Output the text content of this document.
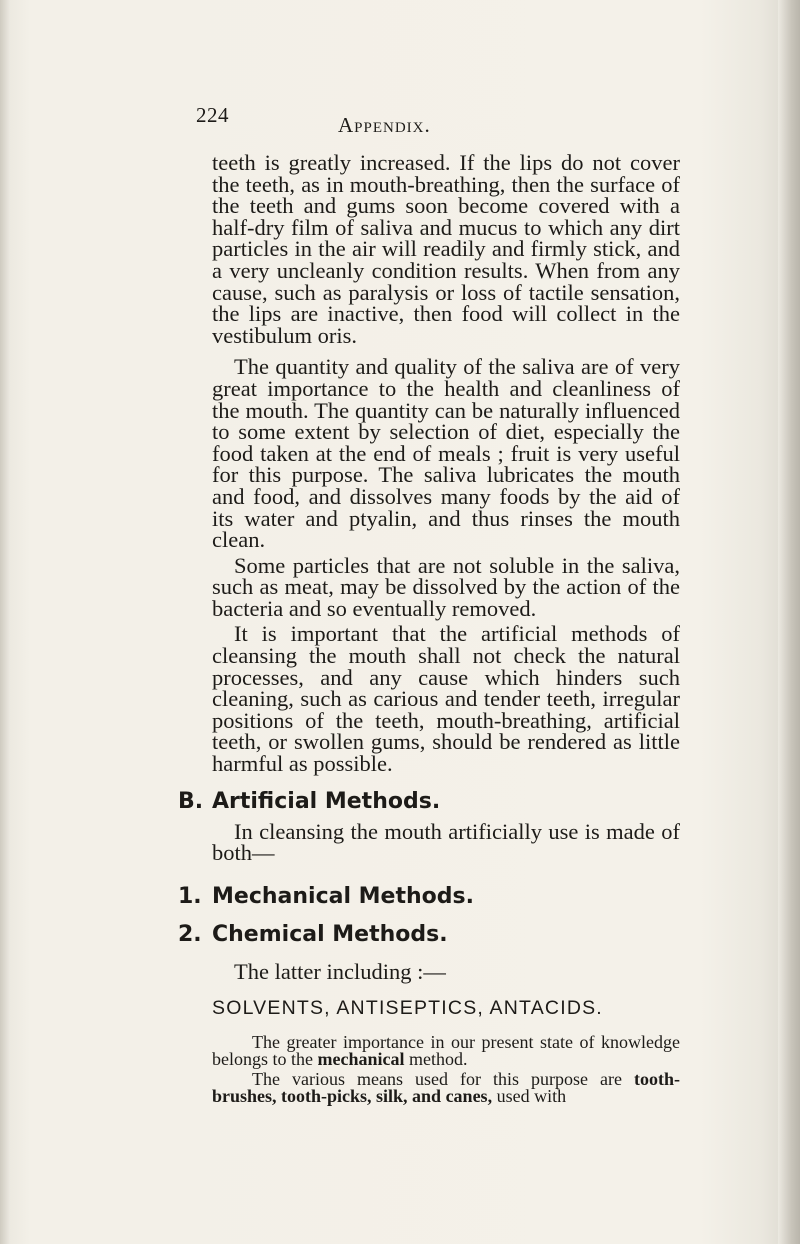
224	Appendix.

teeth is greatly increased. If the lips do not cover the teeth, as in mouth-breathing, then the surface of the teeth and gums soon become covered with a half-dry film of saliva and mucus to which any dirt particles in the air will readily and firmly stick, and a very uncleanly condition results. When from any cause, such as paralysis or loss of tactile sensation, the lips are inactive, then food will collect in the vestibulum oris.

The quantity and quality of the saliva are of very great importance to the health and cleanliness of the mouth. The quantity can be naturally influenced to some extent by selection of diet, especially the food taken at the end of meals ; fruit is very useful for this purpose. The saliva lubricates the mouth and food, and dissolves many foods by the aid of its water and ptyalin, and thus rinses the mouth clean.

Some particles that are not soluble in the saliva, such as meat, may be dissolved by the action of the bacteria and so eventually removed.

It is important that the artificial methods of cleansing the mouth shall not check the natural processes, and any cause which hinders such cleaning, such as carious and tender teeth, irregular positions of the teeth, mouth-breathing, artificial teeth, or swollen gums, should be rendered as little harmful as possible.

B. Artificial Methods.

In cleansing the mouth artificially use is made of both—

1. Mechanical Methods.
2. Chemical Methods.
The latter including :—
SOLVENTS, ANTISEPTICS, ANTACIDS.

The greater importance in our present state of knowledge belongs to the mechanical method.

The various means used for this purpose are tooth-brushes, tooth-picks, silk, and canes, used with
